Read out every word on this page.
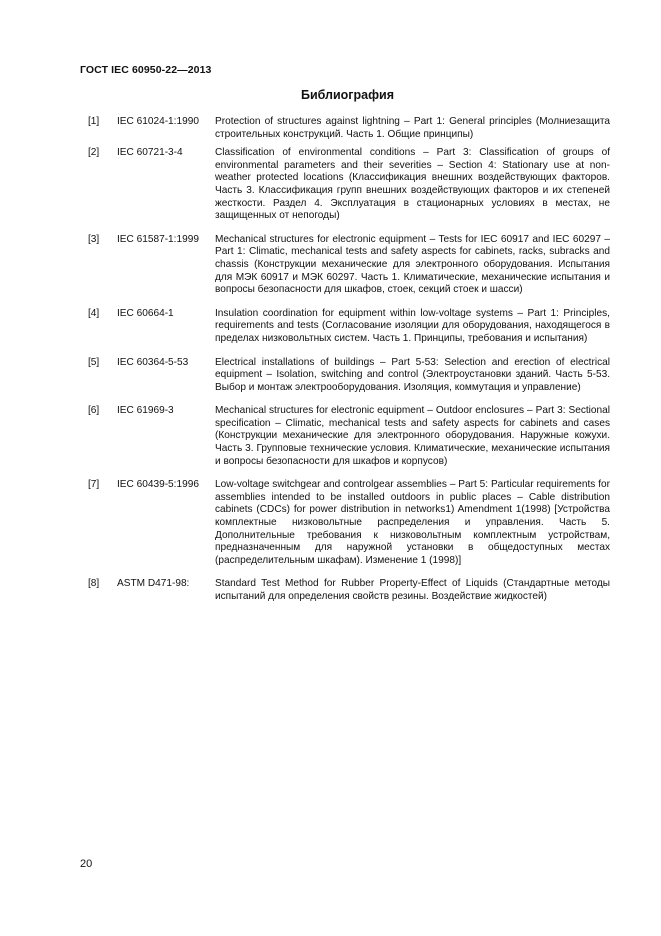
ГОСТ IEC 60950-22—2013
Библиография
[1]	IEC 61024-1:1990	Protection of structures against lightning – Part 1: General principles (Молниезащита строительных конструкций. Часть 1. Общие принципы)
[2]	IEC 60721-3-4	Classification of environmental conditions – Part 3: Classification of groups of environmental parameters and their severities – Section 4: Stationary use at non-weather protected locations (Классификация внешних воздействующих факторов. Часть 3. Классификация групп внешних воздействующих факторов и их степеней жесткости. Раздел 4. Эксплуатация в стационарных условиях в местах, не защищенных от непогоды)
[3]	IEC 61587-1:1999	Mechanical structures for electronic equipment – Tests for IEC 60917 and IEC 60297 – Part 1: Climatic, mechanical tests and safety aspects for cabinets, racks, subracks and chassis (Конструкции механические для электронного оборудования. Испытания для МЭК 60917 и МЭК 60297. Часть 1. Климатические, механические испытания и вопросы безопасности для шкафов, стоек, секций стоек и шасси)
[4]	IEC 60664-1	Insulation coordination for equipment within low-voltage systems – Part 1: Principles, requirements and tests (Согласование изоляции для оборудования, находящегося в пределах низковольтных систем. Часть 1. Принципы, требования и испытания)
[5]	IEC 60364-5-53	Electrical installations of buildings – Part 5-53: Selection and erection of electrical equipment – Isolation, switching and control (Электроустановки зданий. Часть 5-53. Выбор и монтаж электрооборудования. Изоляция, коммутация и управление)
[6]	IEC 61969-3	Mechanical structures for electronic equipment – Outdoor enclosures – Part 3: Sectional specification – Climatic, mechanical tests and safety aspects for cabinets and cases (Конструкции механические для электронного оборудования. Наружные кожухи. Часть 3. Групповые технические условия. Климатические, механические испытания и вопросы безопасности для шкафов и корпусов)
[7]	IEC 60439-5:1996	Low-voltage switchgear and controlgear assemblies – Part 5: Particular requirements for assemblies intended to be installed outdoors in public places – Cable distribution cabinets (CDCs) for power distribution in networks1) Amendment 1(1998) [Устройства комплектные низковольтные распределения и управления. Часть 5. Дополнительные требования к низковольтным комплектным устройствам, предназначенным для наружной установки в общедоступных местах (распределительным шкафам). Изменение 1 (1998)]
[8]	ASTM D471-98:	Standard Test Method for Rubber Property-Effect of Liquids (Стандартные методы испытаний для определения свойств резины. Воздействие жидкостей)
20
